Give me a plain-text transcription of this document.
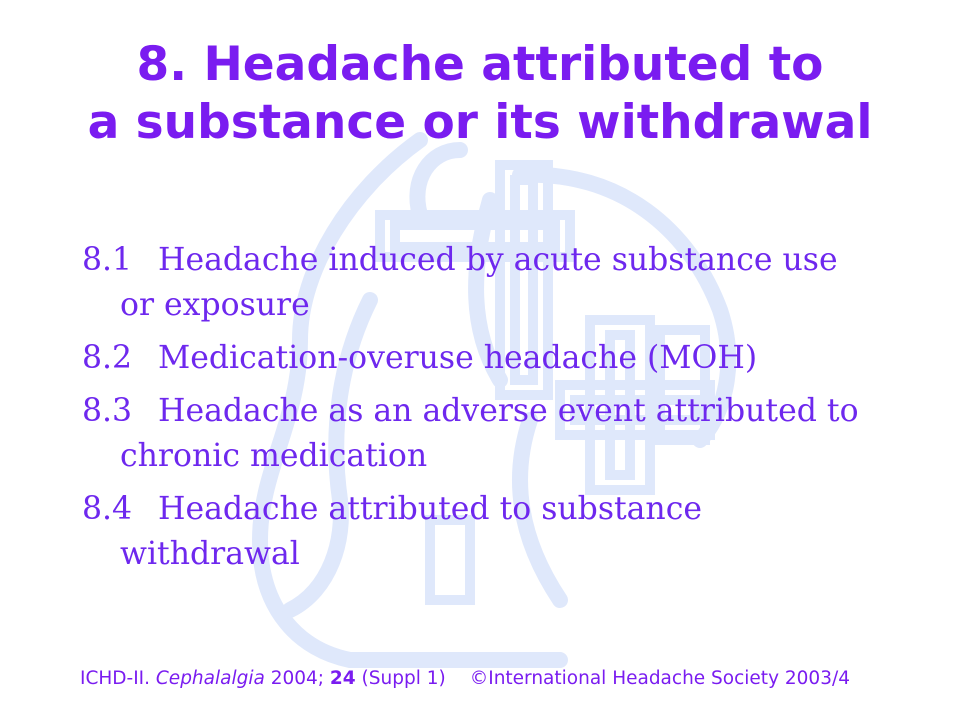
8. Headache attributed to
a substance or its withdrawal
8.1 Headache induced by acute substance use
or exposure
8.2 Medication-overuse headache (MOH)
8.3 Headache as an adverse event attributed to
chronic medication
8.4 Headache attributed to substance
withdrawal
ICHD-II. Cephalalgia 2004; 24 (Suppl 1) ©International Headache Society 2003/4
